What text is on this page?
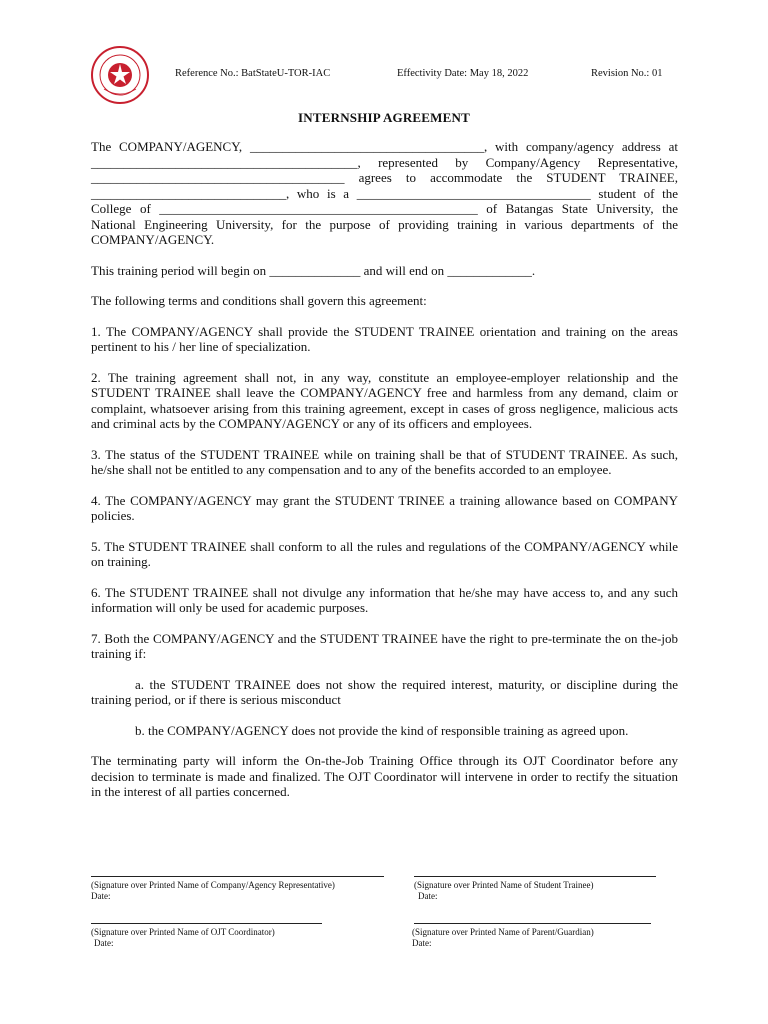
Reference No.: BatStateU-TOR-IAC	Effectivity Date: May 18, 2022	Revision No.: 01
INTERNSHIP AGREEMENT

The COMPANY/AGENCY, ____________________________________, with company/agency address at _________________________________________, represented by Company/Agency Representative, _______________________________________ agrees to accommodate the STUDENT TRAINEE, ______________________________, who is a ____________________________________ student of the College of _________________________________________________ of Batangas State University, the National Engineering University, for the purpose of providing training in various departments of the COMPANY/AGENCY.

This training period will begin on ______________ and will end on _____________.

The following terms and conditions shall govern this agreement:

1. The COMPANY/AGENCY shall provide the STUDENT TRAINEE orientation and training on the areas pertinent to his / her line of specialization.

2. The training agreement shall not, in any way, constitute an employee-employer relationship and the STUDENT TRAINEE shall leave the COMPANY/AGENCY free and harmless from any demand, claim or complaint, whatsoever arising from this training agreement, except in cases of gross negligence, malicious acts and criminal acts by the COMPANY/AGENCY or any of its officers and employees.

3. The status of the STUDENT TRAINEE while on training shall be that of STUDENT TRAINEE. As such, he/she shall not be entitled to any compensation and to any of the benefits accorded to an employee.

4. The COMPANY/AGENCY may grant the STUDENT TRINEE a training allowance based on COMPANY policies.

5. The STUDENT TRAINEE shall conform to all the rules and regulations of the COMPANY/AGENCY while on training.

6. The STUDENT TRAINEE shall not divulge any information that he/she may have access to, and any such information will only be used for academic purposes.

7. Both the COMPANY/AGENCY and the STUDENT TRAINEE have the right to pre-terminate the on the-job training if:

a. the STUDENT TRAINEE does not show the required interest, maturity, or discipline during the training period, or if there is serious misconduct

b. the COMPANY/AGENCY does not provide the kind of responsible training as agreed upon.

The terminating party will inform the On-the-Job Training Office through its OJT Coordinator before any decision to terminate is made and finalized. The OJT Coordinator will intervene in order to rectify the situation in the interest of all parties concerned.

(Signature over Printed Name of Company/Agency Representative)
Date:
(Signature over Printed Name of Student Trainee)
Date:
(Signature over Printed Name of OJT Coordinator)
Date:
(Signature over Printed Name of Parent/Guardian)
Date:
